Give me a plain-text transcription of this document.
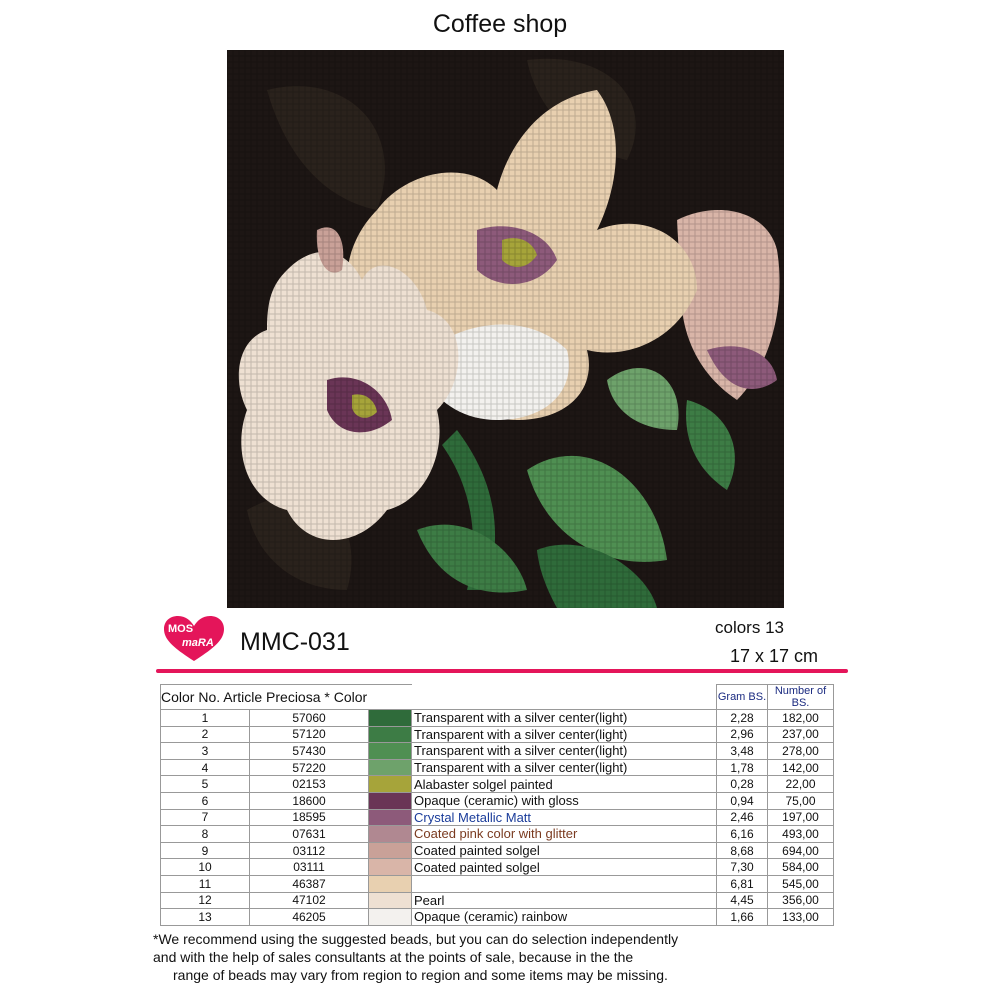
Coffee shop
MOS
maRA MMC-031
colors 13
17 x 17 cm
Color No. Article Preciosa * Color				Gram BS.	Number of BS.
1	57060		Transparent with a silver center(light)	2,28	182,00
2	57120		Transparent with a silver center(light)	2,96	237,00
3	57430		Transparent with a silver center(light)	3,48	278,00
4	57220		Transparent with a silver center(light)	1,78	142,00
5	02153		Alabaster solgel painted	0,28	22,00
6	18600		Opaque (ceramic) with gloss	0,94	75,00
7	18595		Crystal Metallic Matt	2,46	197,00
8	07631		Coated pink color with glitter	6,16	493,00
9	03112		Coated painted solgel	8,68	694,00
10	03111		Coated painted solgel	7,30	584,00
11	46387			6,81	545,00
12	47102		Pearl	4,45	356,00
13	46205		Opaque (ceramic) rainbow	1,66	133,00
*We recommend using the suggested beads, but you can do selection independently
and with the help of sales consultants at the points of sale, because in the the

range of beads may vary from region to region and some items may be missing.
